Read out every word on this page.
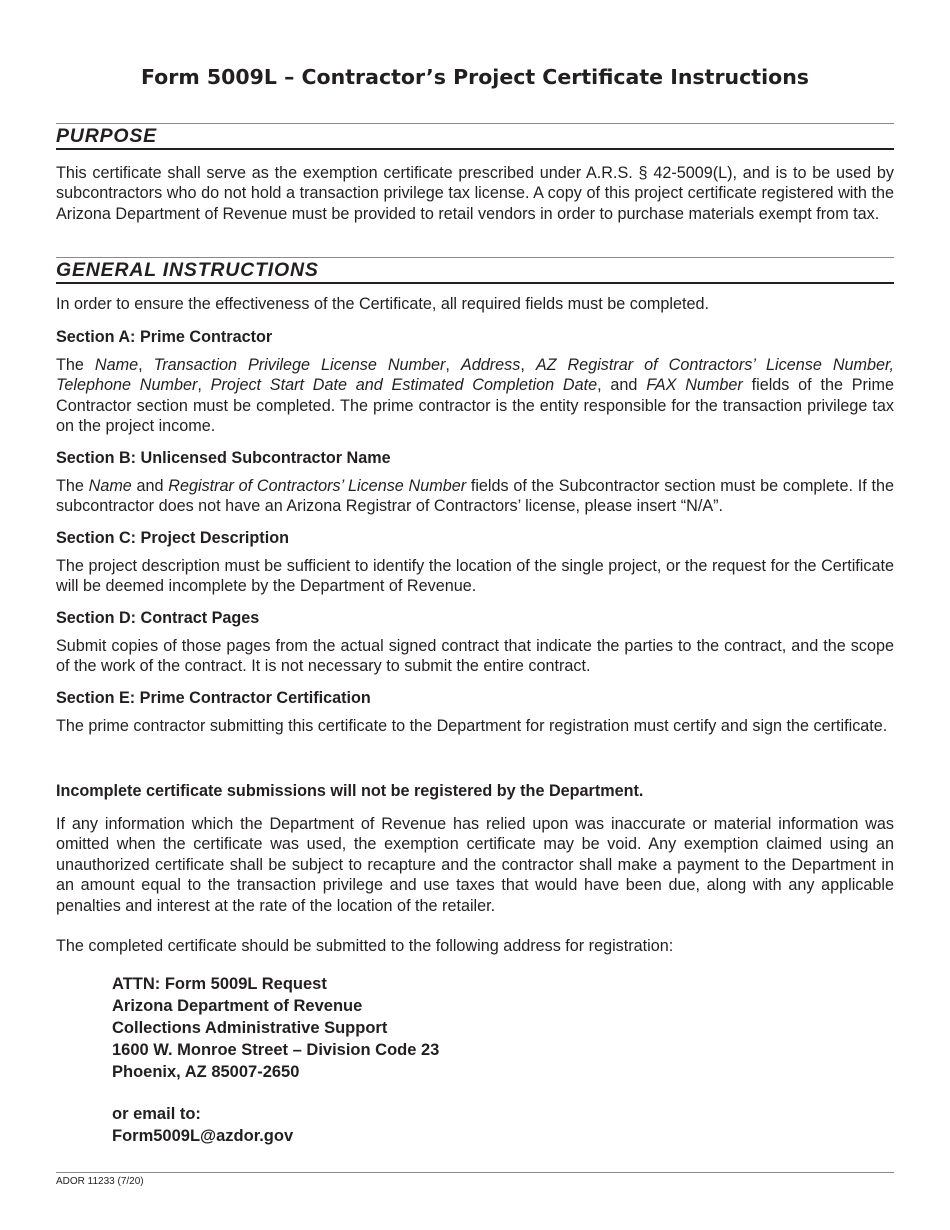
Form 5009L – Contractor’s Project Certificate Instructions
PURPOSE

This certificate shall serve as the exemption certificate prescribed under A.R.S. § 42-5009(L), and is to be used by subcontractors who do not hold a transaction privilege tax license. A copy of this project certificate registered with the Arizona Department of Revenue must be provided to retail vendors in order to purchase materials exempt from tax.

GENERAL INSTRUCTIONS

In order to ensure the effectiveness of the Certificate, all required fields must be completed.

Section A: Prime Contractor

The Name, Transaction Privilege License Number, Address, AZ Registrar of Contractors’ License Number, Telephone Number, Project Start Date and Estimated Completion Date, and FAX Number fields of the Prime Contractor section must be completed. The prime contractor is the entity responsible for the transaction privilege tax on the project income.

Section B: Unlicensed Subcontractor Name

The Name and Registrar of Contractors’ License Number fields of the Subcontractor section must be complete. If the subcontractor does not have an Arizona Registrar of Contractors’ license, please insert “N/A”.

Section C: Project Description

The project description must be sufficient to identify the location of the single project, or the request for the Certificate will be deemed incomplete by the Department of Revenue.

Section D: Contract Pages

Submit copies of those pages from the actual signed contract that indicate the parties to the contract, and the scope of the work of the contract. It is not necessary to submit the entire contract.

Section E: Prime Contractor Certification

The prime contractor submitting this certificate to the Department for registration must certify and sign the certificate.

Incomplete certificate submissions will not be registered by the Department.

If any information which the Department of Revenue has relied upon was inaccurate or material information was omitted when the certificate was used, the exemption certificate may be void. Any exemption claimed using an unauthorized certificate shall be subject to recapture and the contractor shall make a payment to the Department in an amount equal to the transaction privilege and use taxes that would have been due, along with any applicable penalties and interest at the rate of the location of the retailer.

The completed certificate should be submitted to the following address for registration:

ATTN: Form 5009L Request
Arizona Department of Revenue
Collections Administrative Support
1600 W. Monroe Street – Division Code 23
Phoenix, AZ 85007-2650
or email to:
Form5009L@azdor.gov
ADOR 11233 (7/20)
